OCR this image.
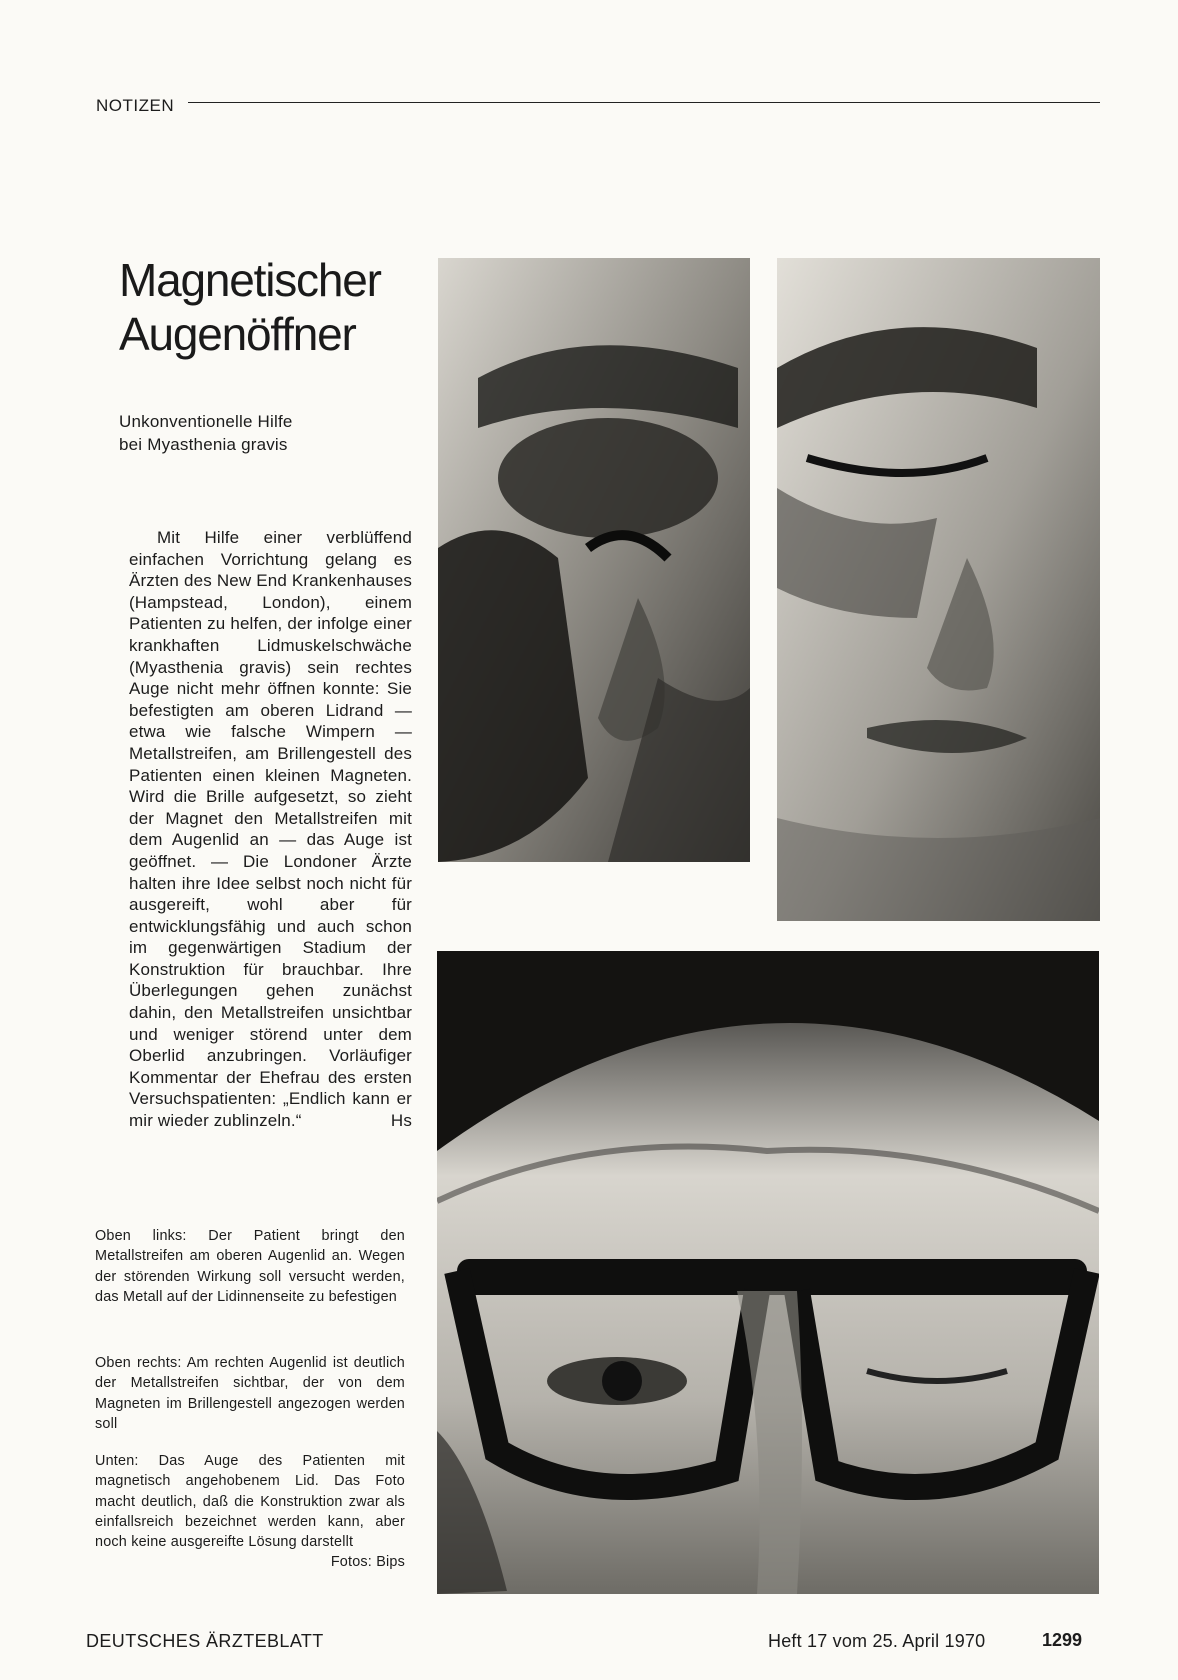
NOTIZEN
Magnetischer
Augenöffner
Unkonventionelle Hilfe
bei Myasthenia gravis

Mit Hilfe einer verblüffend einfachen Vorrichtung gelang es Ärzten des New End Krankenhauses (Hampstead, London), einem Patienten zu helfen, der infolge einer krankhaften Lidmuskelschwäche (Myasthenia gravis) sein rechtes Auge nicht mehr öffnen konnte: Sie befestigten am oberen Lidrand — etwa wie falsche Wimpern — Metallstreifen, am Brillengestell des Patienten einen kleinen Magneten. Wird die Brille aufgesetzt, so zieht der Magnet den Metallstreifen mit dem Augenlid an — das Auge ist geöffnet. — Die Londoner Ärzte halten ihre Idee selbst noch nicht für ausgereift, wohl aber für entwicklungsfähig und auch schon im gegenwärtigen Stadium der Konstruktion für brauchbar. Ihre Überlegungen gehen zunächst dahin, den Metallstreifen unsichtbar und weniger störend unter dem Oberlid anzubringen. Vorläufiger Kommentar der Ehefrau des ersten Versuchspatienten: „Endlich kann er mir wieder zublinzeln.“	Hs

Oben links: Der Patient bringt den Metallstreifen am oberen Augenlid an. Wegen der störenden Wirkung soll versucht werden, das Metall auf der Lidinnenseite zu befestigen

Oben rechts: Am rechten Augenlid ist deutlich der Metallstreifen sichtbar, der von dem Magneten im Brillengestell angezogen werden soll

Unten: Das Auge des Patienten mit magnetisch angehobenem Lid. Das Foto macht deutlich, daß die Konstruktion zwar als einfallsreich bezeichnet werden kann, aber noch keine ausgereifte Lösung darstellt
Fotos: Bips

DEUTSCHES ÄRZTEBLATT	Heft 17 vom 25. April 1970	1299
